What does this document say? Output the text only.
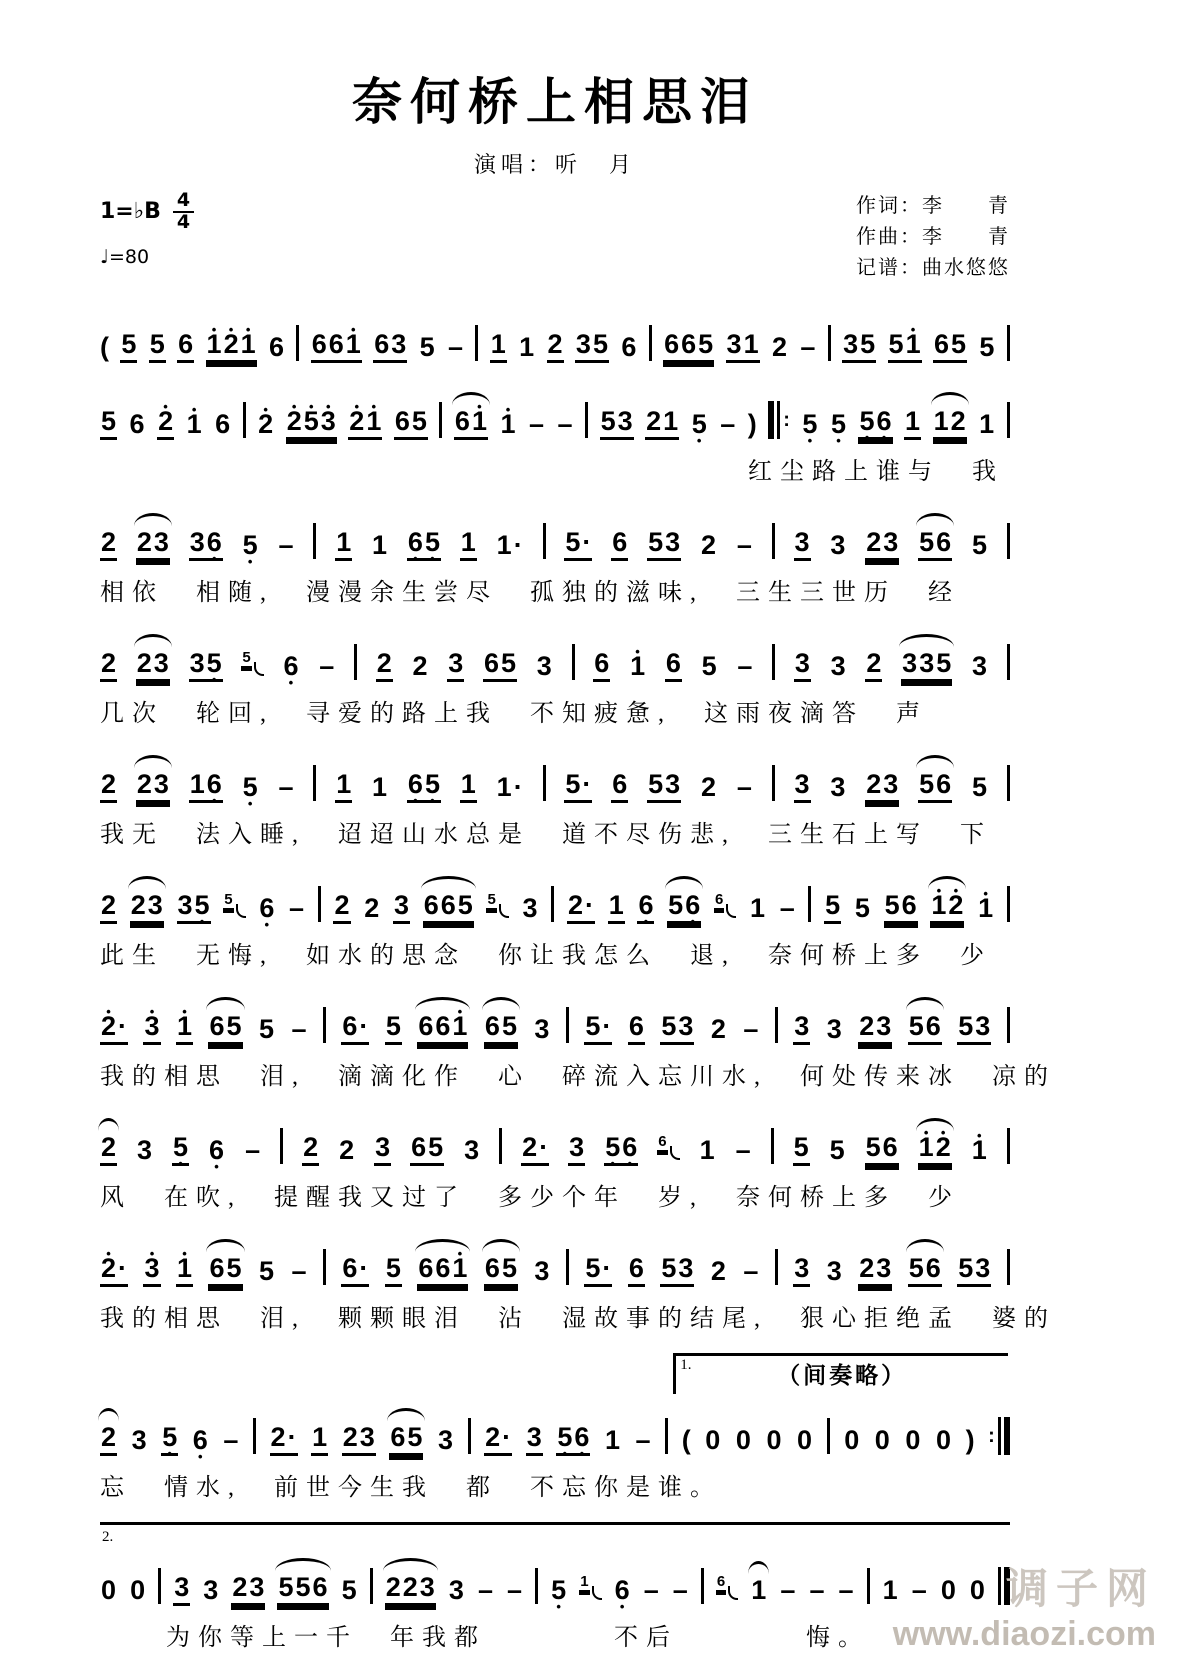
奈何桥上相思泪
演唱：听　月
1=♭B 4
4
♩=80
作词：李　　青
作曲：李　　青
记谱：曲水悠悠
( 5 5 6 • 1• 2• 1 6 66• 1 63 5 – 1 1 2 35 6 665 31 2 – 35 5• 1 65 5
5 6 • 2 • 1 6 • 2 • 2• 5• 3 • 2• 1 65 6• 1 • 1 – – 53 21 5 • – ) : 5 • 5 • 5 •6 • 1 12 1
红尘路上谁与　我
2 23 36 • 5 • – 1 1 6 •5 • 1 1· 5· 6 53 2 – 3 3 23 56 5
相依　相随,　漫漫余生尝尽　孤独的滋味,　三生三世历　经
2 23 35 • 5 6 • – 2 2 3 65 3 6 • 1 6 5 – 3 3 2 335 3
几次　轮回,　寻爱的路上我　不知疲惫,　这雨夜滴答　声
2 23 16 • 5 • – 1 1 6 •5 • 1 1· 5· 6 53 2 – 3 3 23 56 5
我无　法入睡,　迢迢山水总是　道不尽伤悲,　三生石上写　下
2 23 35 • 5 6 • – 2 2 3 665 5 3 2· 1 6 • 56 • 6 1 – 5 5 56 • 1• 2 • 1
此生　无悔,　如水的思念　你让我怎么　退,　奈何桥上多　少
• 2· • 3 • 1 65 5 – 6· 5 66• 1 65 3 5· 6 53 2 – 3 3 23 56 53
我的相思　泪,　滴滴化作　心　碎流入忘川水,　何处传来冰　凉的
2 3 5 • 6 • – 2 2 3 65 3 2· 3 5 •6 • 6 1 – 5 5 56 • 1• 2 • 1
风　在吹,　提醒我又过了　多少个年　岁,　奈何桥上多　少
• 2· • 3 • 1 65 5 – 6· 5 66• 1 65 3 5· 6 53 2 – 3 3 23 56 53
我的相思　泪,　颗颗眼泪　沾　湿故事的结尾,　狠心拒绝孟　婆的
1.	（间奏略）
2 3 5 • 6 • – 2· 1 23 65 3 2· 3 5 •6 • 1 – ( 0 0 0 0 0 0 0 0 ) :
忘　情水,　前世今生我　都　不忘你是谁。
2.
0 0 3 3 23 556 5 223 3 – – 5 • 1 6 • – – 6 1 – – – 1 – 0 0
为你等上一千　年我都　　　　不后　　　　悔。
调子网
www.diaozi.com
